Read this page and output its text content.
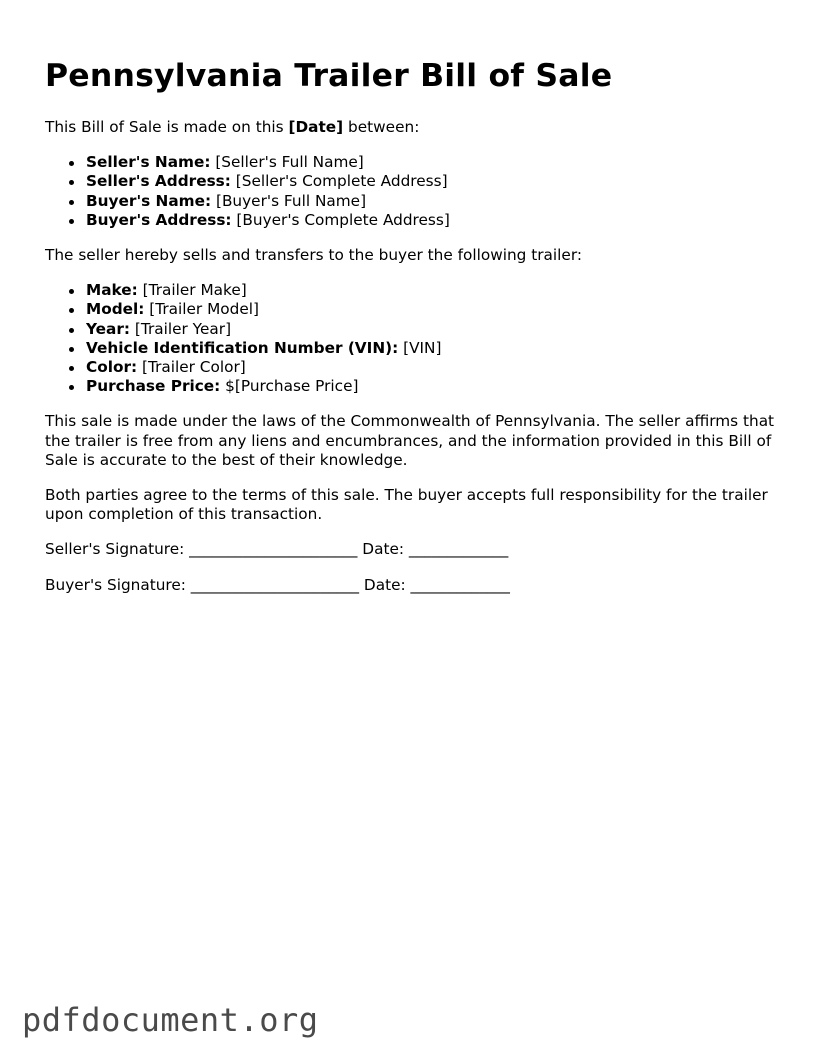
Pennsylvania Trailer Bill of Sale

This Bill of Sale is made on this [Date] between:

Seller's Name: [Seller's Full Name]
Seller's Address: [Seller's Complete Address]
Buyer's Name: [Buyer's Full Name]
Buyer's Address: [Buyer's Complete Address]

The seller hereby sells and transfers to the buyer the following trailer:

Make: [Trailer Make]
Model: [Trailer Model]
Year: [Trailer Year]
Vehicle Identification Number (VIN): [VIN]
Color: [Trailer Color]
Purchase Price: $[Purchase Price]

This sale is made under the laws of the Commonwealth of Pennsylvania. The seller affirms that the trailer is free from any liens and encumbrances, and the information provided in this Bill of Sale is accurate to the best of their knowledge.

Both parties agree to the terms of this sale. The buyer accepts full responsibility for the trailer upon completion of this transaction.

Seller's Signature: ______________________ Date: _____________

Buyer's Signature: ______________________ Date: _____________

pdfdocument.org
